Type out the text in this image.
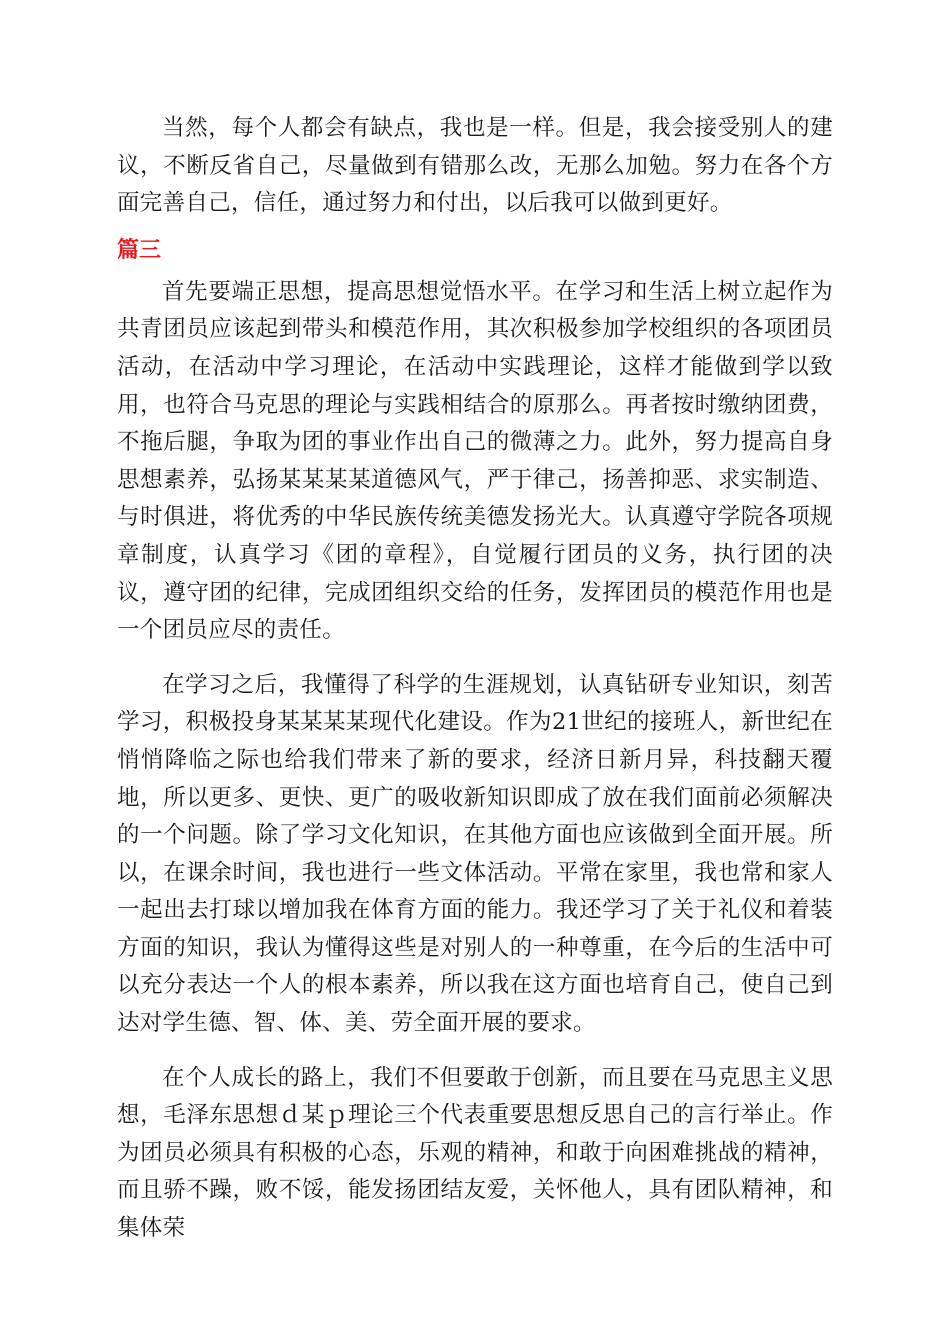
当然，每个人都会有缺点，我也是一样。但是，我会接受别人的建议，不断反省自己，尽量做到有错那么改，无那么加勉。努力在各个方面完善自己，信任，通过努力和付出，以后我可以做到更好。

篇三

首先要端正思想，提高思想觉悟水平。在学习和生活上树立起作为共青团员应该起到带头和模范作用，其次积极参加学校组织的各项团员活动，在活动中学习理论，在活动中实践理论，这样才能做到学以致用，也符合马克思的理论与实践相结合的原那么。再者按时缴纳团费，不拖后腿，争取为团的事业作出自己的微薄之力。此外，努力提高自身思想素养，弘扬某某某某道德风气，严于律己，扬善抑恶、求实制造、与时俱进，将优秀的中华民族传统美德发扬光大。认真遵守学院各项规章制度，认真学习《团的章程》，自觉履行团员的义务，执行团的决议，遵守团的纪律，完成团组织交给的任务，发挥团员的模范作用也是一个团员应尽的责任。

在学习之后，我懂得了科学的生涯规划，认真钻研专业知识，刻苦学习，积极投身某某某某现代化建设。作为21世纪的接班人，新世纪在悄悄降临之际也给我们带来了新的要求，经济日新月异，科技翻天覆地，所以更多、更快、更广的吸收新知识即成了放在我们面前必须解决的一个问题。除了学习文化知识，在其他方面也应该做到全面开展。所以，在课余时间，我也进行一些文体活动。平常在家里，我也常和家人一起出去打球以增加我在体育方面的能力。我还学习了关于礼仪和着装方面的知识，我认为懂得这些是对别人的一种尊重，在今后的生活中可以充分表达一个人的根本素养，所以我在这方面也培育自己，使自己到达对学生德、智、体、美、劳全面开展的要求。

在个人成长的路上，我们不但要敢于创新，而且要在马克思主义思想，毛泽东思想ｄ某ｐ理论三个代表重要思想反思自己的言行举止。作为团员必须具有积极的心态，乐观的精神，和敢于向困难挑战的精神，而且骄不躁，败不馁，能发扬团结友爱，关怀他人，具有团队精神，和集体荣
